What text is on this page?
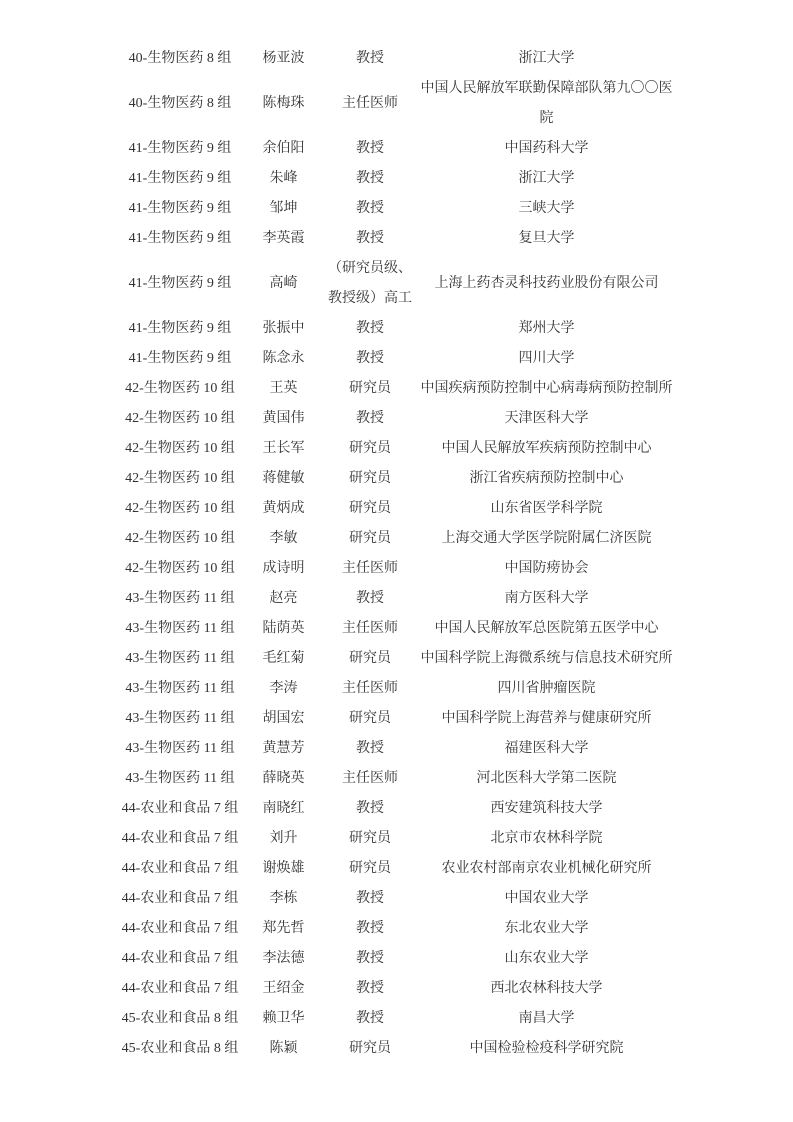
40-生物医药 8 组	杨亚波	教授	浙江大学
40-生物医药 8 组	陈梅珠	主任医师	中国人民解放军联勤保障部队第九〇〇医院
41-生物医药 9 组	余伯阳	教授	中国药科大学
41-生物医药 9 组	朱峰	教授	浙江大学
41-生物医药 9 组	邹坤	教授	三峡大学
41-生物医药 9 组	李英霞	教授	复旦大学
41-生物医药 9 组	高崎	（研究员级、教授级）高工	上海上药杏灵科技药业股份有限公司
41-生物医药 9 组	张振中	教授	郑州大学
41-生物医药 9 组	陈念永	教授	四川大学
42-生物医药 10 组	王英	研究员	中国疾病预防控制中心病毒病预防控制所
42-生物医药 10 组	黄国伟	教授	天津医科大学
42-生物医药 10 组	王长军	研究员	中国人民解放军疾病预防控制中心
42-生物医药 10 组	蒋健敏	研究员	浙江省疾病预防控制中心
42-生物医药 10 组	黄炳成	研究员	山东省医学科学院
42-生物医药 10 组	李敏	研究员	上海交通大学医学院附属仁济医院
42-生物医药 10 组	成诗明	主任医师	中国防痨协会
43-生物医药 11 组	赵亮	教授	南方医科大学
43-生物医药 11 组	陆荫英	主任医师	中国人民解放军总医院第五医学中心
43-生物医药 11 组	毛红菊	研究员	中国科学院上海微系统与信息技术研究所
43-生物医药 11 组	李涛	主任医师	四川省肿瘤医院
43-生物医药 11 组	胡国宏	研究员	中国科学院上海营养与健康研究所
43-生物医药 11 组	黄慧芳	教授	福建医科大学
43-生物医药 11 组	薛晓英	主任医师	河北医科大学第二医院
44-农业和食品 7 组	南晓红	教授	西安建筑科技大学
44-农业和食品 7 组	刘升	研究员	北京市农林科学院
44-农业和食品 7 组	谢焕雄	研究员	农业农村部南京农业机械化研究所
44-农业和食品 7 组	李栋	教授	中国农业大学
44-农业和食品 7 组	郑先哲	教授	东北农业大学
44-农业和食品 7 组	李法德	教授	山东农业大学
44-农业和食品 7 组	王绍金	教授	西北农林科技大学
45-农业和食品 8 组	赖卫华	教授	南昌大学
45-农业和食品 8 组	陈颖	研究员	中国检验检疫科学研究院
